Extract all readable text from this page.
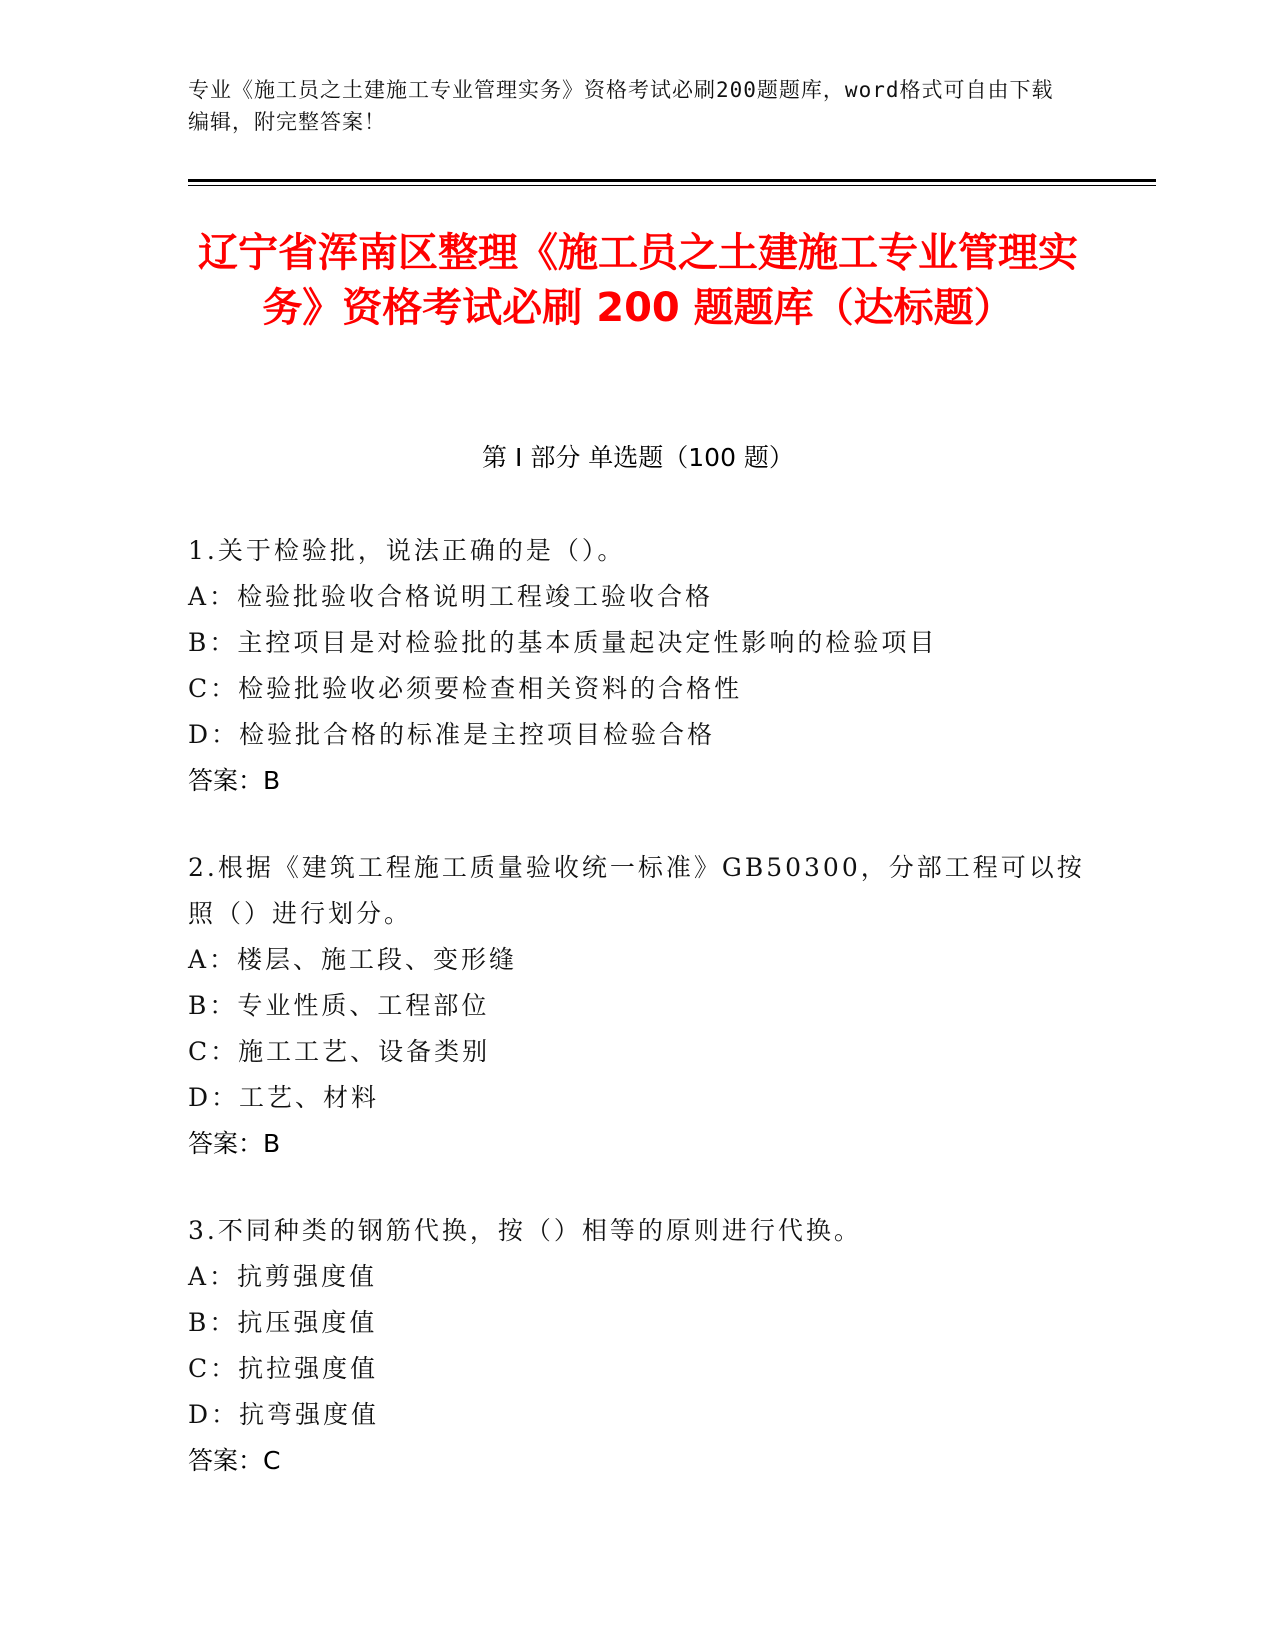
专业《施工员之土建施工专业管理实务》资格考试必刷200题题库，word格式可自由下载编辑，附完整答案！
辽宁省浑南区整理《施工员之土建施工专业管理实务》资格考试必刷 200 题题库（达标题）
第 I 部分 单选题（100 题）
1.关于检验批，说法正确的是（）。
A：检验批验收合格说明工程竣工验收合格
B：主控项目是对检验批的基本质量起决定性影响的检验项目
C：检验批验收必须要检查相关资料的合格性
D：检验批合格的标准是主控项目检验合格
答案：B
2.根据《建筑工程施工质量验收统一标准》GB50300，分部工程可以按照（）进行划分。
A：楼层、施工段、变形缝
B：专业性质、工程部位
C：施工工艺、设备类别
D：工艺、材料
答案：B
3.不同种类的钢筋代换，按（）相等的原则进行代换。
A：抗剪强度值
B：抗压强度值
C：抗拉强度值
D：抗弯强度值
答案：C
